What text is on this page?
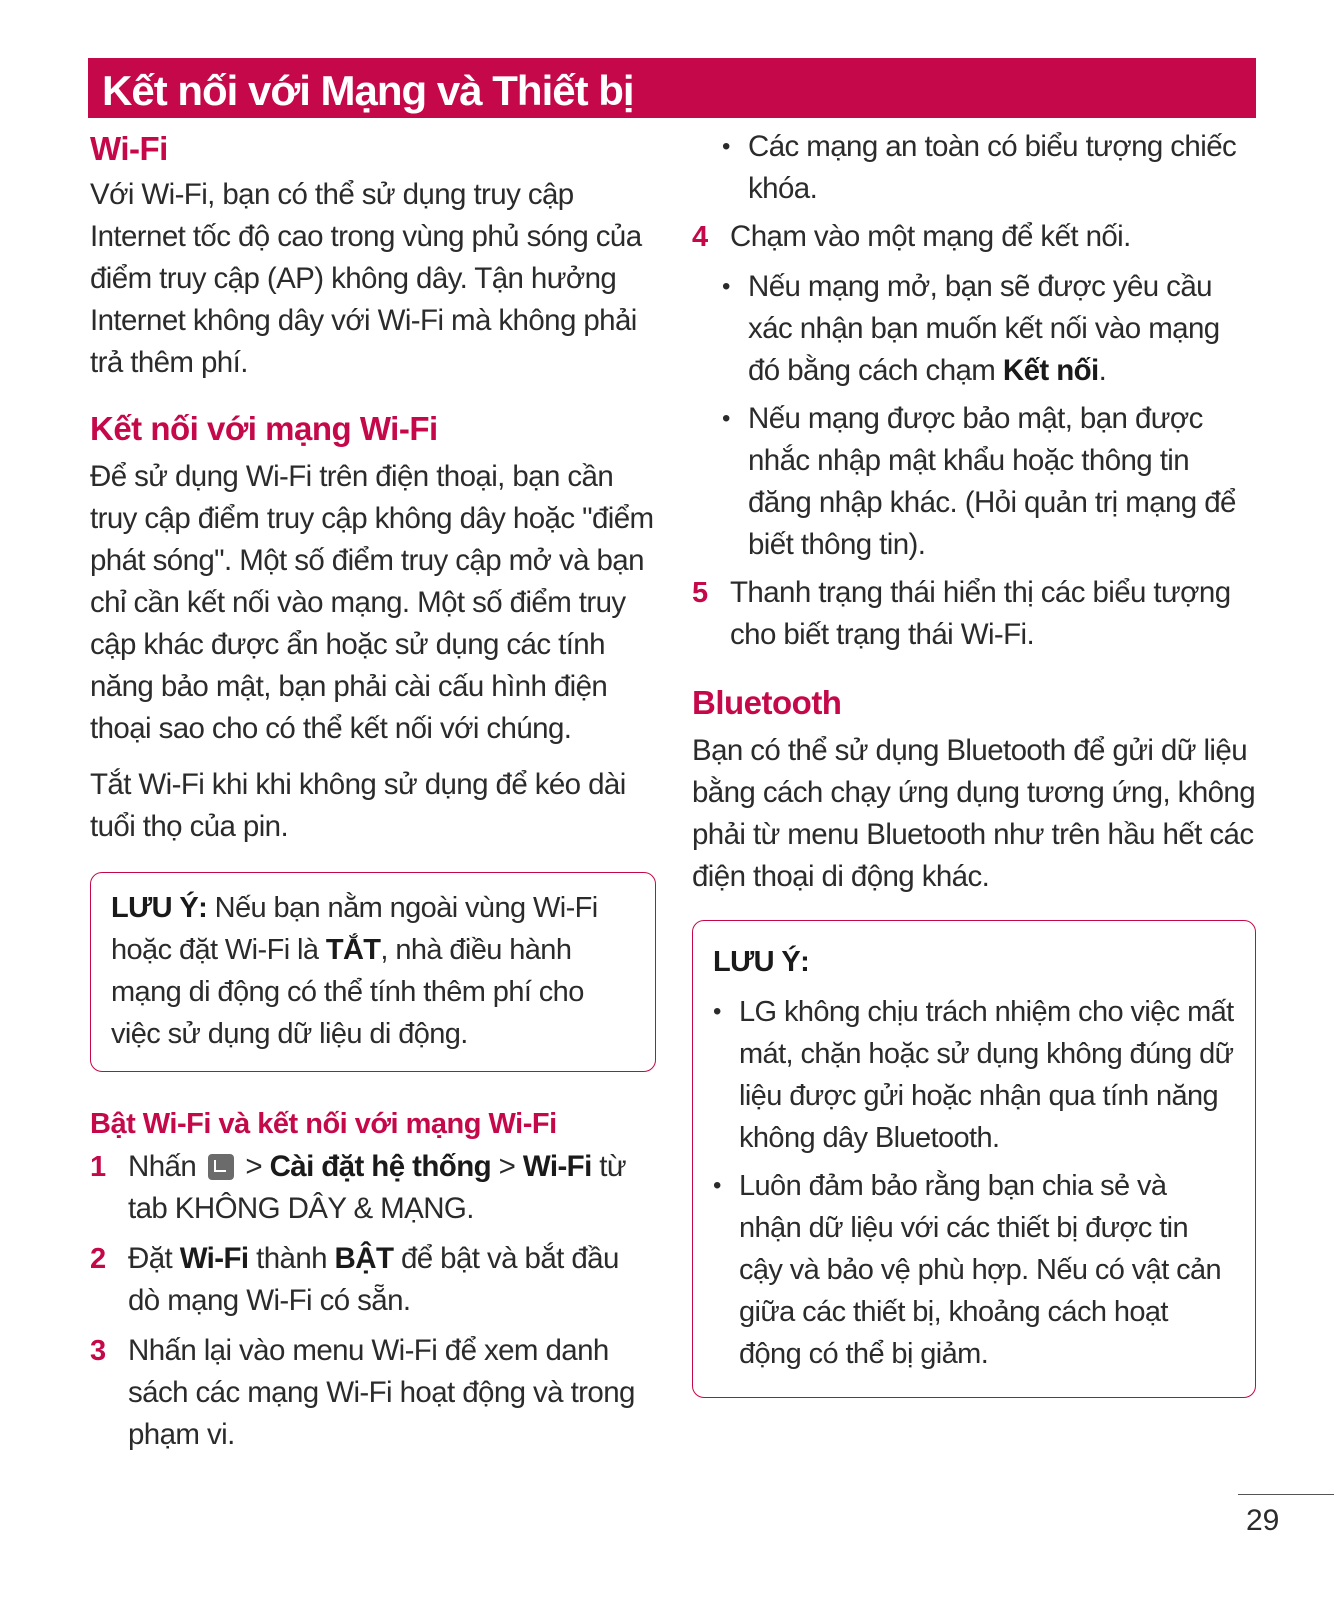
Kết nối với Mạng và Thiết bị
Wi-Fi

Với Wi-Fi, bạn có thể sử dụng truy cập Internet tốc độ cao trong vùng phủ sóng của điểm truy cập (AP) không dây. Tận hưởng Internet không dây với Wi-Fi mà không phải trả thêm phí.

Kết nối với mạng Wi-Fi

Để sử dụng Wi-Fi trên điện thoại, bạn cần truy cập điểm truy cập không dây hoặc "điểm phát sóng". Một số điểm truy cập mở và bạn chỉ cần kết nối vào mạng. Một số điểm truy cập khác được ẩn hoặc sử dụng các tính năng bảo mật, bạn phải cài cấu hình điện thoại sao cho có thể kết nối với chúng.

Tắt Wi-Fi khi khi không sử dụng để kéo dài tuổi thọ của pin.

LƯU Ý: Nếu bạn nằm ngoài vùng Wi-Fi hoặc đặt Wi-Fi là TẮT, nhà điều hành mạng di động có thể tính thêm phí cho việc sử dụng dữ liệu di động.

Bật Wi-Fi và kết nối với mạng Wi-Fi
1 Nhấn  > Cài đặt hệ thống > Wi-Fi từ tab KHÔNG DÂY & MẠNG.

2 Đặt Wi-Fi thành BẬT để bật và bắt đầu dò mạng Wi-Fi có sẵn.

3 Nhấn lại vào menu Wi-Fi để xem danh sách các mạng Wi-Fi hoạt động và trong phạm vi.

• Các mạng an toàn có biểu tượng chiếc khóa.

4 Chạm vào một mạng để kết nối.

• Nếu mạng mở, bạn sẽ được yêu cầu xác nhận bạn muốn kết nối vào mạng đó bằng cách chạm Kết nối.

• Nếu mạng được bảo mật, bạn được nhắc nhập mật khẩu hoặc thông tin đăng nhập khác. (Hỏi quản trị mạng để biết thông tin).

5 Thanh trạng thái hiển thị các biểu tượng cho biết trạng thái Wi-Fi.

Bluetooth

Bạn có thể sử dụng Bluetooth để gửi dữ liệu bằng cách chạy ứng dụng tương ứng, không phải từ menu Bluetooth như trên hầu hết các điện thoại di động khác.

LƯU Ý:

• LG không chịu trách nhiệm cho việc mất mát, chặn hoặc sử dụng không đúng dữ liệu được gửi hoặc nhận qua tính năng không dây Bluetooth.

• Luôn đảm bảo rằng bạn chia sẻ và nhận dữ liệu với các thiết bị được tin cậy và bảo vệ phù hợp. Nếu có vật cản giữa các thiết bị, khoảng cách hoạt động có thể bị giảm.

29
